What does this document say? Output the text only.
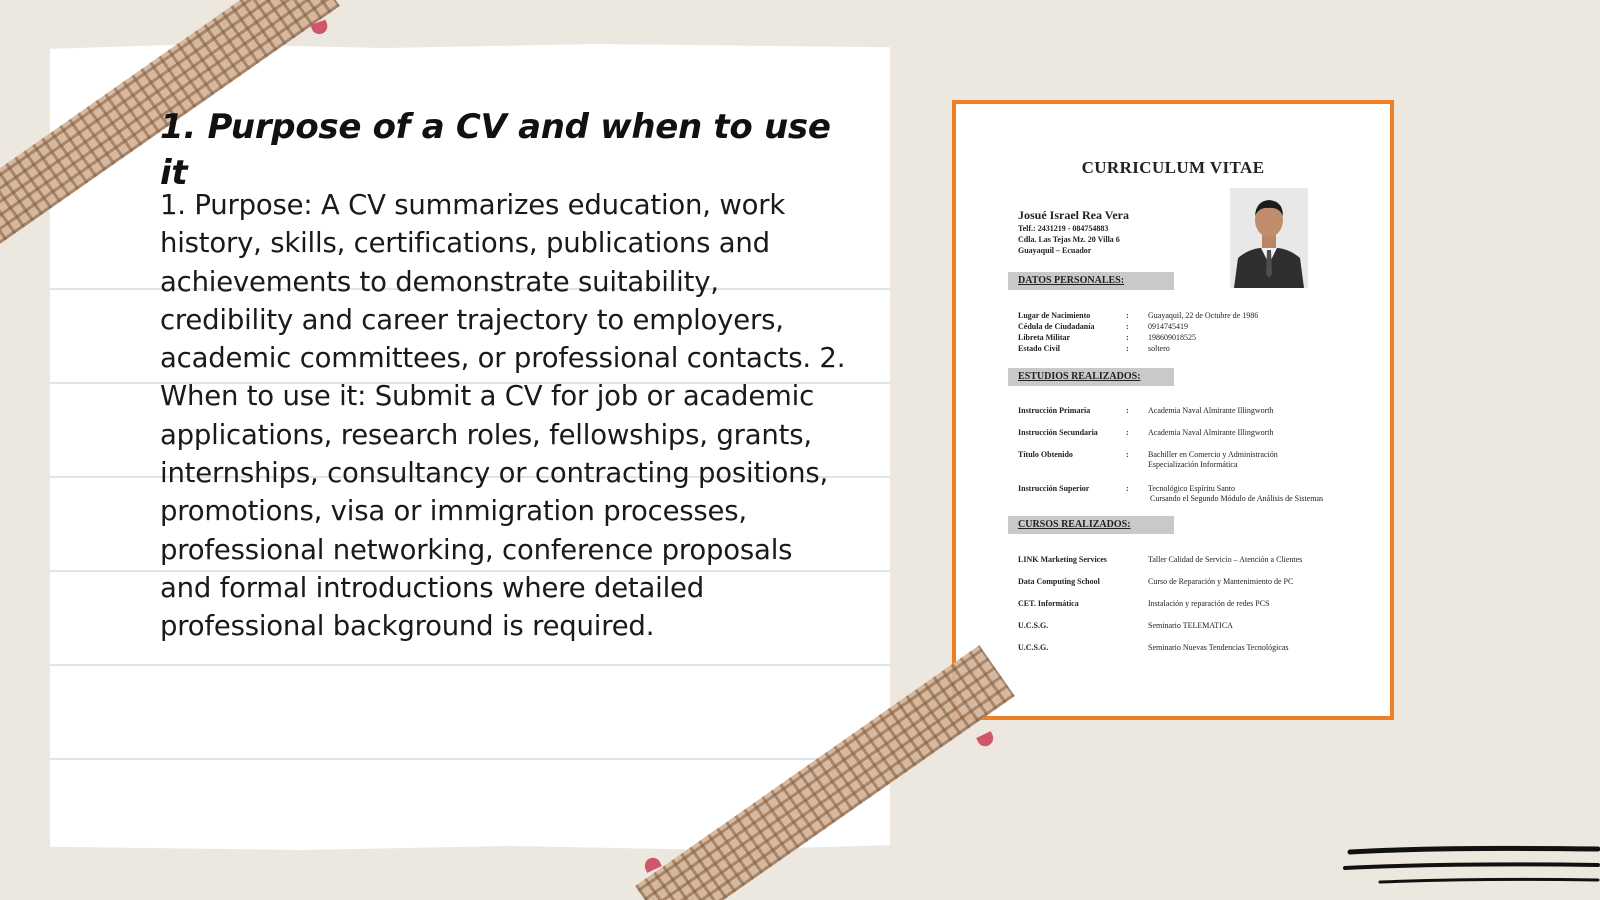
1. Purpose of a CV and when to use it

1. Purpose: A CV summarizes education, work history, skills, certifications, publications and achievements to demonstrate suitability, credibility and career trajectory to employers, academic committees, or professional contacts. 2. When to use it: Submit a CV for job or academic applications, research roles, fellowships, grants, internships, consultancy or contracting positions, promotions, visa or immigration processes, professional networking, conference proposals and formal introductions where detailed professional background is required.

CURRICULUM VITAE
Josué Israel Rea Vera
Telf.: 2431219 - 084754883
Cdla. Las Tejas Mz. 20 Villa 6
Guayaquil – Ecuador
DATOS PERSONALES:
Lugar de Nacimiento	: Guayaquil, 22 de Octubre de 1986
Cédula de Ciudadanía	: 0914745419
Libreta Militar	: 198609018525
Estado Civil	: soltero
ESTUDIOS REALIZADOS:
Instrucción Primaria	: Academia Naval Almirante Illingworth
Instrucción Secundaria	: Academia Naval Almirante Illingworth
Título Obtenido	: Bachiller en Comercio y Administración
Especialización Informática
Instrucción Superior	: Tecnológico Espíritu Santo
Cursando el Segundo Módulo de Análisis de Sistemas
CURSOS REALIZADOS:
LINK Marketing Services	Taller Calidad de Servicio – Atención a Clientes
Data Computing School	Curso de Reparación y Mantenimiento de PC
CET. Informática	Instalación y reparación de redes PCS
U.C.S.G.	Seminario TELEMATICA
U.C.S.G.	Seminario Nuevas Tendencias Tecnológicas
